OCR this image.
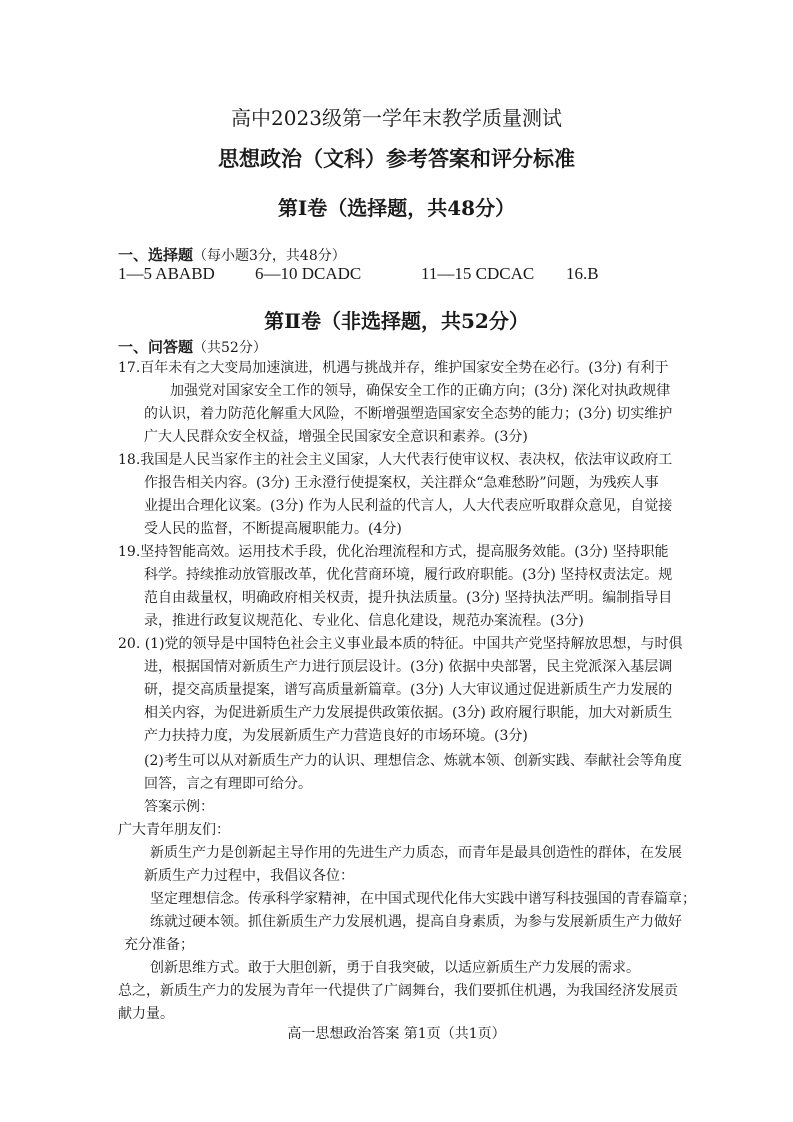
高中2023级第一学年末教学质量测试
思想政治（文科）参考答案和评分标准
第Ⅰ卷（选择题，共48分）
一、选择题（每小题3分，共48分）
1—5 ABABD 6—10 DCADC	11—15 CDCAC 16.B
第Ⅱ卷（非选择题，共52分）
一、问答题（共52分）
17.百年未有之大变局加速演进，机遇与挑战并存，维护国家安全势在必行。(3分) 有利于
加强党对国家安全工作的领导，确保安全工作的正确方向；(3分) 深化对执政规律
的认识，着力防范化解重大风险，不断增强塑造国家安全态势的能力；(3分) 切实维护
广大人民群众安全权益，增强全民国家安全意识和素养。(3分)
18.我国是人民当家作主的社会主义国家，人大代表行使审议权、表决权，依法审议政府工
作报告相关内容。(3分) 王永澄行使提案权，关注群众“急难愁盼”问题，为残疾人事
业提出合理化议案。(3分) 作为人民利益的代言人，人大代表应听取群众意见，自觉接
受人民的监督，不断提高履职能力。(4分)
19.坚持智能高效。运用技术手段，优化治理流程和方式，提高服务效能。(3分) 坚持职能
科学。持续推动放管服改革，优化营商环境，履行政府职能。(3分) 坚持权责法定。规
范自由裁量权，明确政府相关权责，提升执法质量。(3分) 坚持执法严明。编制指导目
录，推进行政复议规范化、专业化、信息化建设，规范办案流程。(3分)
20. (1)党的领导是中国特色社会主义事业最本质的特征。中国共产党坚持解放思想，与时俱
进，根据国情对新质生产力进行顶层设计。(3分) 依据中央部署，民主党派深入基层调
研，提交高质量提案，谱写高质量新篇章。(3分) 人大审议通过促进新质生产力发展的
相关内容，为促进新质生产力发展提供政策依据。(3分) 政府履行职能，加大对新质生
产力扶持力度，为发展新质生产力营造良好的市场环境。(3分)
(2)考生可以从对新质生产力的认识、理想信念、炼就本领、创新实践、奉献社会等角度
回答，言之有理即可给分。
答案示例：
广大青年朋友们：
新质生产力是创新起主导作用的先进生产力质态，而青年是最具创造性的群体，在发展
新质生产力过程中，我倡议各位：
坚定理想信念。传承科学家精神，在中国式现代化伟大实践中谱写科技强国的青春篇章；
练就过硬本领。抓住新质生产力发展机遇，提高自身素质，为参与发展新质生产力做好
充分准备；
创新思维方式。敢于大胆创新，勇于自我突破，以适应新质生产力发展的需求。
总之，新质生产力的发展为青年一代提供了广阔舞台，我们要抓住机遇，为我国经济发展贡
献力量。
高一思想政治答案 第1页（共1页）
